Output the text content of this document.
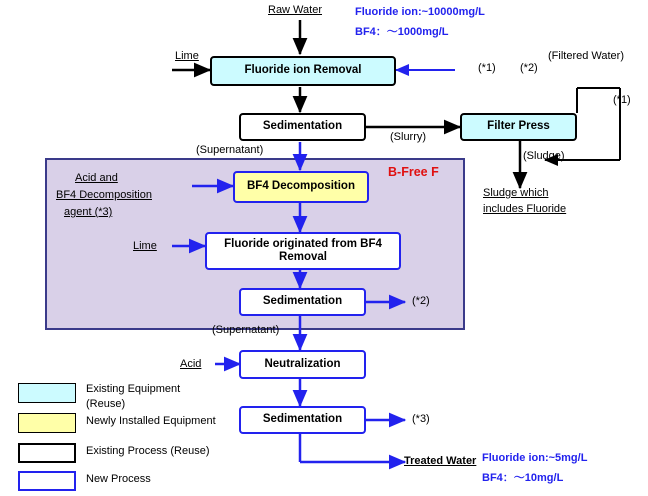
Fluoride ion:~10000mg/L
BF4：～1000mg/L
Raw Water
Lime
Fluoride ion Removal
Sedimentation	Filter Press
BF4 Decomposition
Fluoride originated from BF4 Removal
Sedimentation
Neutralization
Sedimentation
(*1) (*2)
(Filtered Water)
(*1)
(Slurry)
(Sludge)
(Supernatant)
Sludge which
includes Fluoride
B-Free F
Acid and
BF4 Decomposition
agent (*3)
Lime
(*2)
(Supernatant)
Acid
(*3)
Treated Water Fluoride ion:~5mg/L
BF4：～10mg/L
Existing Equipment
(Reuse)
Newly Installed Equipment
Existing Process (Reuse)
New Process
